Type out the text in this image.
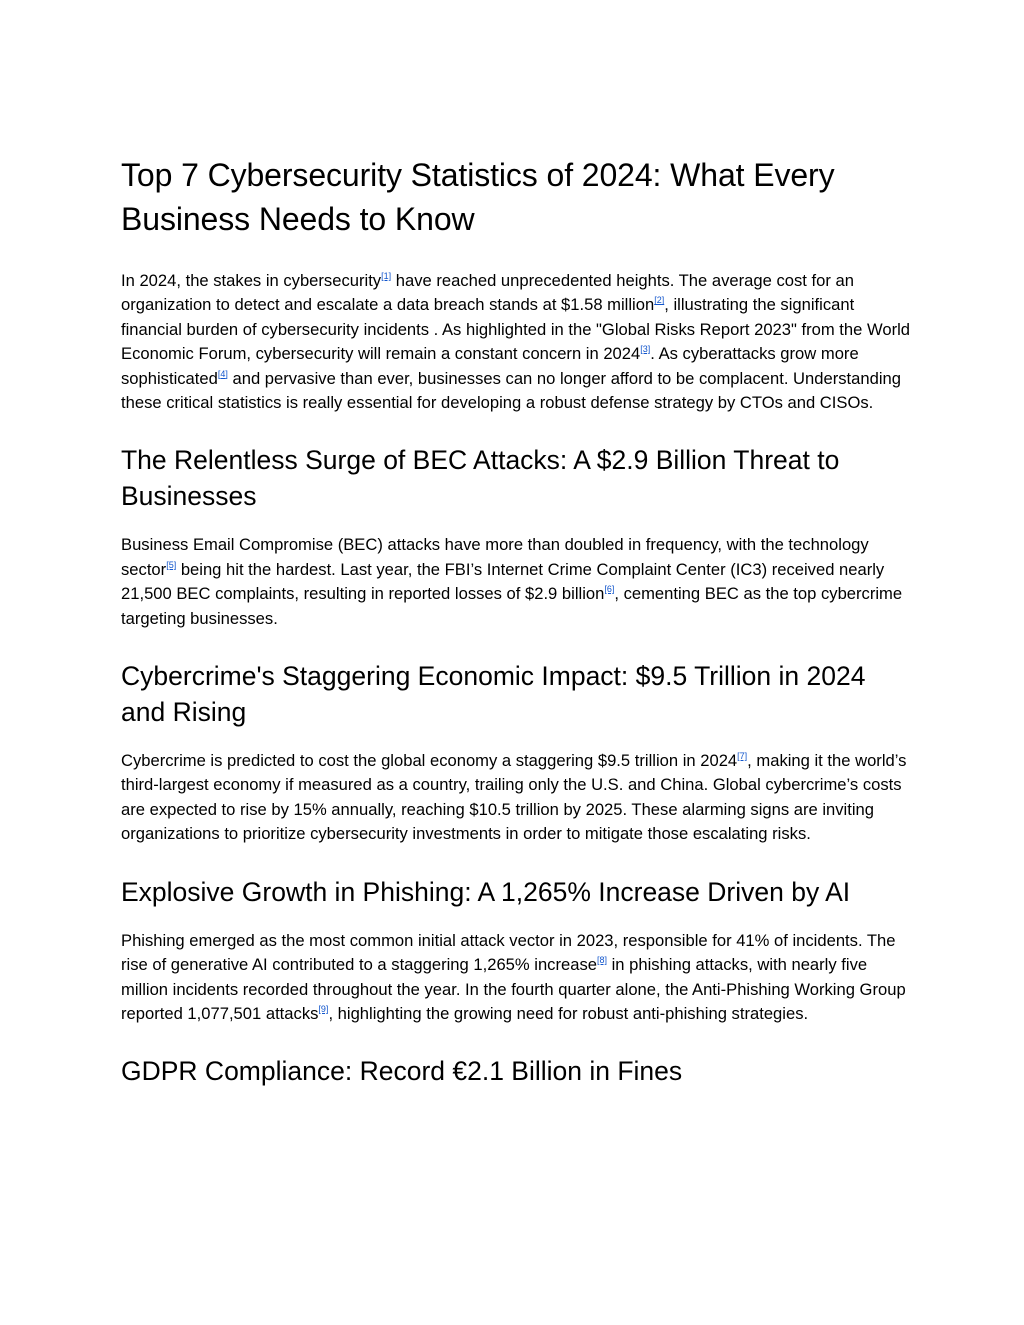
Top 7 Cybersecurity Statistics of 2024: What Every Business Needs to Know

In 2024, the stakes in cybersecurity[1] have reached unprecedented heights. The average cost for an organization to detect and escalate a data breach stands at $1.58 million[2], illustrating the significant financial burden of cybersecurity incidents . As highlighted in the "Global Risks Report 2023" from the World Economic Forum, cybersecurity will remain a constant concern in 2024[3]. As cyberattacks grow more sophisticated[4] and pervasive than ever, businesses can no longer afford to be complacent. Understanding these critical statistics is really essential for developing a robust defense strategy by CTOs and CISOs.

The Relentless Surge of BEC Attacks: A $2.9 Billion Threat to Businesses

Business Email Compromise (BEC) attacks have more than doubled in frequency, with the technology sector[5] being hit the hardest. Last year, the FBI’s Internet Crime Complaint Center (IC3) received nearly 21,500 BEC complaints, resulting in reported losses of $2.9 billion[6], cementing BEC as the top cybercrime targeting businesses.

Cybercrime's Staggering Economic Impact: $9.5 Trillion in 2024 and Rising

Cybercrime is predicted to cost the global economy a staggering $9.5 trillion in 2024[7], making it the world’s third-largest economy if measured as a country, trailing only the U.S. and China. Global cybercrime’s costs are expected to rise by 15% annually, reaching $10.5 trillion by 2025. These alarming signs are inviting organizations to prioritize cybersecurity investments in order to mitigate those escalating risks.

Explosive Growth in Phishing: A 1,265% Increase Driven by AI

Phishing emerged as the most common initial attack vector in 2023, responsible for 41% of incidents. The rise of generative AI contributed to a staggering 1,265% increase[8] in phishing attacks, with nearly five million incidents recorded throughout the year. In the fourth quarter alone, the Anti-Phishing Working Group reported 1,077,501 attacks[9], highlighting the growing need for robust anti-phishing strategies.

GDPR Compliance: Record €2.1 Billion in Fines
